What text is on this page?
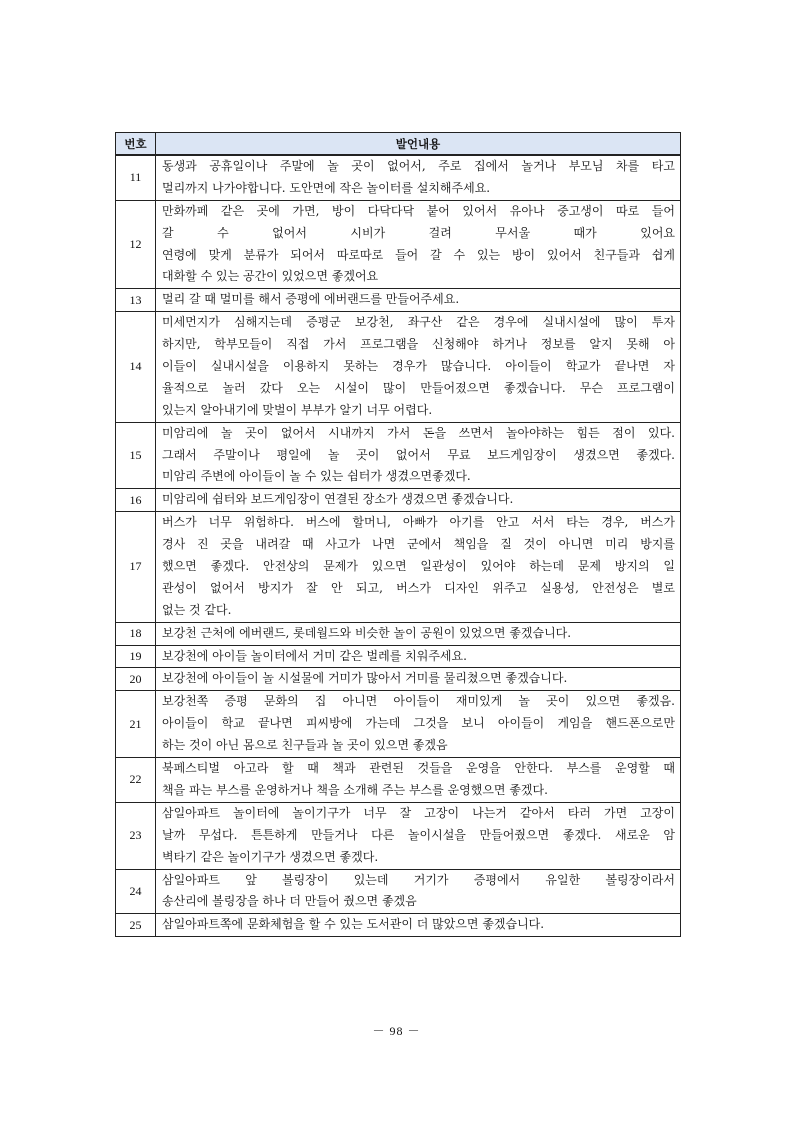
번호	발언내용
11	동생과 공휴일이나 주말에 놀 곳이 없어서, 주로 집에서 놀거나 부모님 차를 타고
멀리까지 나가야합니다. 도안면에 작은 놀이터를 설치해주세요.

12	만화까페 같은 곳에 가면, 방이 다닥다닥 붙어 있어서 유아나 중고생이 따로 들어
갈 수 없어서 시비가 걸려 무서울 때가 있어요
연령에 맞게 분류가 되어서 따로따로 들어 갈 수 있는 방이 있어서 친구들과 쉽게
대화할 수 있는 공간이 있었으면 좋겠어요

13	멀리 갈 때 멀미를 해서 증평에 에버랜드를 만들어주세요.

14	미세먼지가 심해지는데 증평군 보강천, 좌구산 같은 경우에 실내시설에 많이 투자
하지만, 학부모들이 직접 가서 프로그램을 신청해야 하거나 정보를 알지 못해 아
이들이 실내시설을 이용하지 못하는 경우가 많습니다. 아이들이 학교가 끝나면 자
율적으로 놀러 갔다 오는 시설이 많이 만들어졌으면 좋겠습니다. 무슨 프로그램이
있는지 알아내기에 맞벌이 부부가 알기 너무 어렵다.

15	미암리에 놀 곳이 없어서 시내까지 가서 돈을 쓰면서 놀아야하는 힘든 점이 있다.
그래서 주말이나 평일에 놀 곳이 없어서 무료 보드게임장이 생겼으면 좋겠다.
미암리 주변에 아이들이 놀 수 있는 쉼터가 생겼으면좋겠다.

16	미암리에 쉼터와 보드게임장이 연결된 장소가 생겼으면 좋겠습니다.

17	버스가 너무 위험하다. 버스에 할머니, 아빠가 아기를 안고 서서 타는 경우, 버스가
경사 진 곳을 내려갈 때 사고가 나면 군에서 책임을 질 것이 아니면 미리 방지를
했으면 좋겠다. 안전상의 문제가 있으면 일관성이 있어야 하는데 문제 방지의 일
관성이 없어서 방지가 잘 안 되고, 버스가 디자인 위주고 실용성, 안전성은 별로
없는 것 같다.

18	보강천 근처에 에버랜드, 롯데월드와 비슷한 놀이 공원이 있었으면 좋겠습니다.

19	보강천에 아이들 놀이터에서 거미 같은 벌레를 치워주세요.

20	보강천에 아이들이 놀 시설물에 거미가 많아서 거미를 물리쳤으면 좋겠습니다.

21	보강천쪽 증평 문화의 집 아니면 아이들이 재미있게 놀 곳이 있으면 좋겠음.
아이들이 학교 끝나면 피씨방에 가는데 그것을 보니 아이들이 게임을 핸드폰으로만
하는 것이 아닌 몸으로 친구들과 놀 곳이 있으면 좋겠음

22	북페스티벌 아고라 할 때 책과 관련된 것들을 운영을 안한다. 부스를 운영할 때
책을 파는 부스를 운영하거나 책을 소개해 주는 부스를 운영했으면 좋겠다.

23	삼일아파트 놀이터에 놀이기구가 너무 잘 고장이 나는거 같아서 타러 가면 고장이
날까 무섭다. 튼튼하게 만들거나 다른 놀이시설을 만들어줬으면 좋겠다. 새로운 암
벽타기 같은 놀이기구가 생겼으면 좋겠다.

24	삼일아파트 앞 볼링장이 있는데 거기가 증평에서 유일한 볼링장이라서
송산리에 볼링장을 하나 더 만들어 줬으면 좋겠음

25	삼일아파트쪽에 문화체험을 할 수 있는 도서관이 더 많았으면 좋겠습니다.
－ 98 －
